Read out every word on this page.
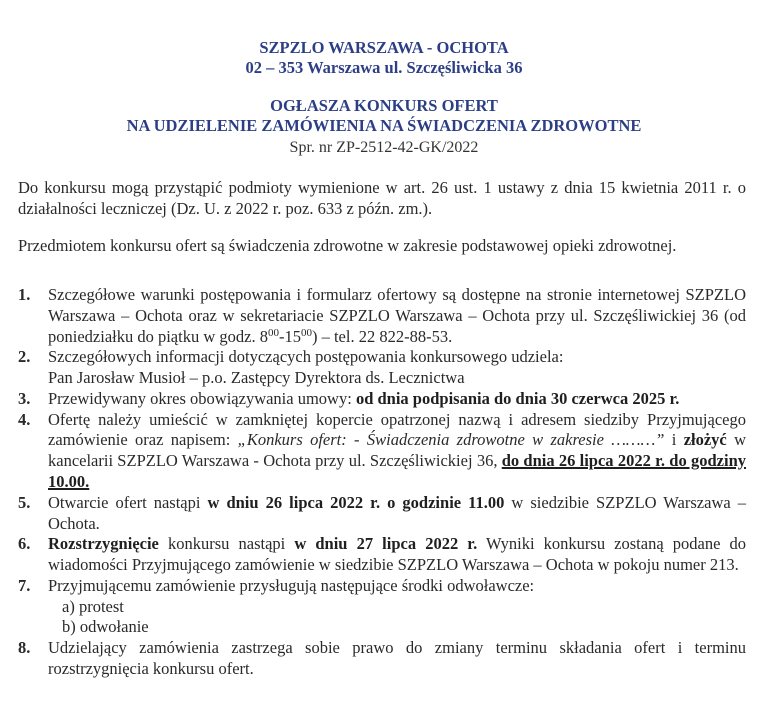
SZPZLO WARSZAWA - OCHOTA
02 – 353 Warszawa ul. Szczęśliwicka 36
OGŁASZA KONKURS OFERT
NA UDZIELENIE ZAMÓWIENIA NA ŚWIADCZENIA ZDROWOTNE
Spr. nr ZP-2512-42-GK/2022
Do konkursu mogą przystąpić podmioty wymienione w art. 26 ust. 1 ustawy z dnia 15 kwietnia 2011 r. o działalności leczniczej (Dz. U. z 2022 r. poz. 633 z późn. zm.).
Przedmiotem konkursu ofert są świadczenia zdrowotne w zakresie podstawowej opieki zdrowotnej.
1.	Szczegółowe warunki postępowania i formularz ofertowy są dostępne na stronie internetowej SZPZLO Warszawa – Ochota oraz w sekretariacie SZPZLO Warszawa – Ochota przy ul. Szczęśliwickiej 36 (od poniedziałku do piątku w godz. $8^{00}-15^{00}$) – tel. 22 822-88-53.
2.	Szczegółowych informacji dotyczących postępowania konkursowego udziela:
Pan Jarosław Musioł – p.o. Zastępcy Dyrektora ds. Lecznictwa
3.	Przewidywany okres obowiązywania umowy: od dnia podpisania do dnia 30 czerwca 2025 r.
4.	Ofertę należy umieścić w zamkniętej kopercie opatrzonej nazwą i adresem siedziby Przyjmującego zamówienie oraz napisem: „Konkurs ofert: - Świadczenia zdrowotne w zakresie ………” i złożyć w kancelarii SZPZLO Warszawa - Ochota przy ul. Szczęśliwickiej 36, do dnia 26 lipca 2022 r. do godziny 10.00.
5.	Otwarcie ofert nastąpi w dniu 26 lipca 2022 r. o godzinie 11.00 w siedzibie SZPZLO Warszawa – Ochota.
6.	Rozstrzygnięcie konkursu nastąpi w dniu 27 lipca 2022 r. Wyniki konkursu zostaną podane do wiadomości Przyjmującego zamówienie w siedzibie SZPZLO Warszawa – Ochota w pokoju numer 213.
7.	Przyjmującemu zamówienie przysługują następujące środki odwoławcze:
a) protest
b) odwołanie
8.	Udzielający zamówienia zastrzega sobie prawo do zmiany terminu składania ofert i terminu rozstrzygnięcia konkursu ofert.
